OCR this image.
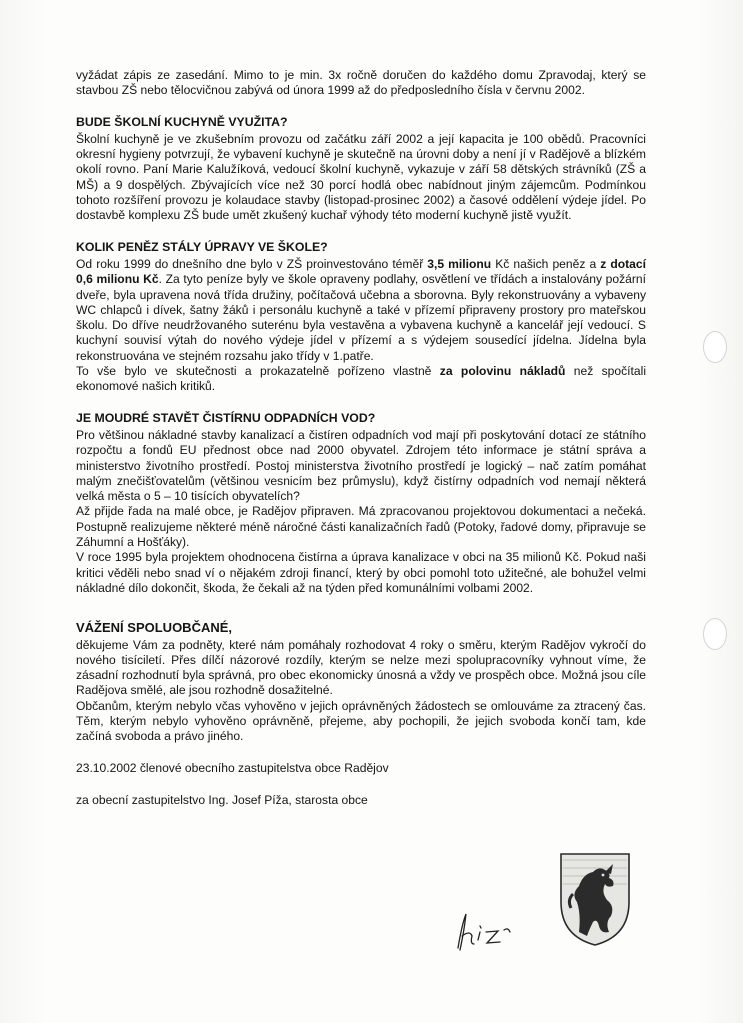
vyžádat zápis ze zasedání. Mimo to je min. 3x ročně doručen do každého domu Zpravodaj, který se stavbou ZŠ nebo tělocvičnou zabývá od února 1999 až do předposledního čísla v červnu 2002.

BUDE ŠKOLNÍ KUCHYNĚ VYUŽITA?

Školní kuchyně je ve zkušebním provozu od začátku září 2002 a její kapacita je 100 obědů. Pracovníci okresní hygieny potvrzují, že vybavení kuchyně je skutečně na úrovni doby a není jí v Radějově a blízkém okolí rovno. Paní Marie Kalužíková, vedoucí školní kuchyně, vykazuje v září 58 dětských strávníků (ZŠ a MŠ) a 9 dospělých. Zbývajících více než 30 porcí hodlá obec nabídnout jiným zájemcům. Podmínkou tohoto rozšíření provozu je kolaudace stavby (listopad-prosinec 2002) a časové oddělení výdeje jídel. Po dostavbě komplexu ZŠ bude umět zkušený kuchař výhody této moderní kuchyně jistě využít.

KOLIK PENĚZ STÁLY ÚPRAVY VE ŠKOLE?

Od roku 1999 do dnešního dne bylo v ZŠ proinvestováno téměř 3,5 milionu Kč našich peněz a z dotací 0,6 milionu Kč. Za tyto peníze byly ve škole opraveny podlahy, osvětlení ve třídách a instalovány požární dveře, byla upravena nová třída družiny, počítačová učebna a sborovna. Byly rekonstruovány a vybaveny WC chlapců i dívek, šatny žáků i personálu kuchyně a také v přízemí připraveny prostory pro mateřskou školu. Do dříve neudržovaného suterénu byla vestavěna a vybavena kuchyně a kancelář její vedoucí. S kuchyní souvisí výtah do nového výdeje jídel v přízemí a s výdejem sousedící jídelna. Jídelna byla rekonstruována ve stejném rozsahu jako třídy v 1.patře.

To vše bylo ve skutečnosti a prokazatelně pořízeno vlastně za polovinu nákladů než spočítali ekonomové našich kritiků.

JE MOUDRÉ STAVĚT ČISTÍRNU ODPADNÍCH VOD?

Pro většinou nákladné stavby kanalizací a čistíren odpadních vod mají při poskytování dotací ze státního rozpočtu a fondů EU přednost obce nad 2000 obyvatel. Zdrojem této informace je státní správa a ministerstvo životního prostředí. Postoj ministerstva životního prostředí je logický – nač zatím pomáhat malým znečišťovatelům (většinou vesnicím bez průmyslu), když čistírny odpadních vod nemají některá velká města o 5 – 10 tisících obyvatelích?

Až přijde řada na malé obce, je Radějov připraven. Má zpracovanou projektovou dokumentaci a nečeká. Postupně realizujeme některé méně náročné části kanalizačních řadů (Potoky, řadové domy, připravuje se Záhumní a Hošťáky).

V roce 1995 byla projektem ohodnocena čistírna a úprava kanalizace v obci na 35 milionů Kč. Pokud naši kritici věděli nebo snad ví o nějakém zdroji financí, který by obci pomohl toto užitečné, ale bohužel velmi nákladné dílo dokončit, škoda, že čekali až na týden před komunálními volbami 2002.

VÁŽENÍ SPOLUOBČANÉ,

děkujeme Vám za podněty, které nám pomáhaly rozhodovat 4 roky o směru, kterým Radějov vykročí do nového tisíciletí. Přes dílčí názorové rozdíly, kterým se nelze mezi spolupracovníky vyhnout víme, že zásadní rozhodnutí byla správná, pro obec ekonomicky únosná a vždy ve prospěch obce. Možná jsou cíle Radějova smělé, ale jsou rozhodně dosažitelné.

Občanům, kterým nebylo včas vyhověno v jejich oprávněných žádostech se omlouváme za ztracený čas. Těm, kterým nebylo vyhověno oprávněně, přejeme, aby pochopili, že jejich svoboda končí tam, kde začíná svoboda a právo jiného.

23.10.2002 členové obecního zastupitelstva obce Radějov

za obecní zastupitelstvo Ing. Josef Píža, starosta obce
